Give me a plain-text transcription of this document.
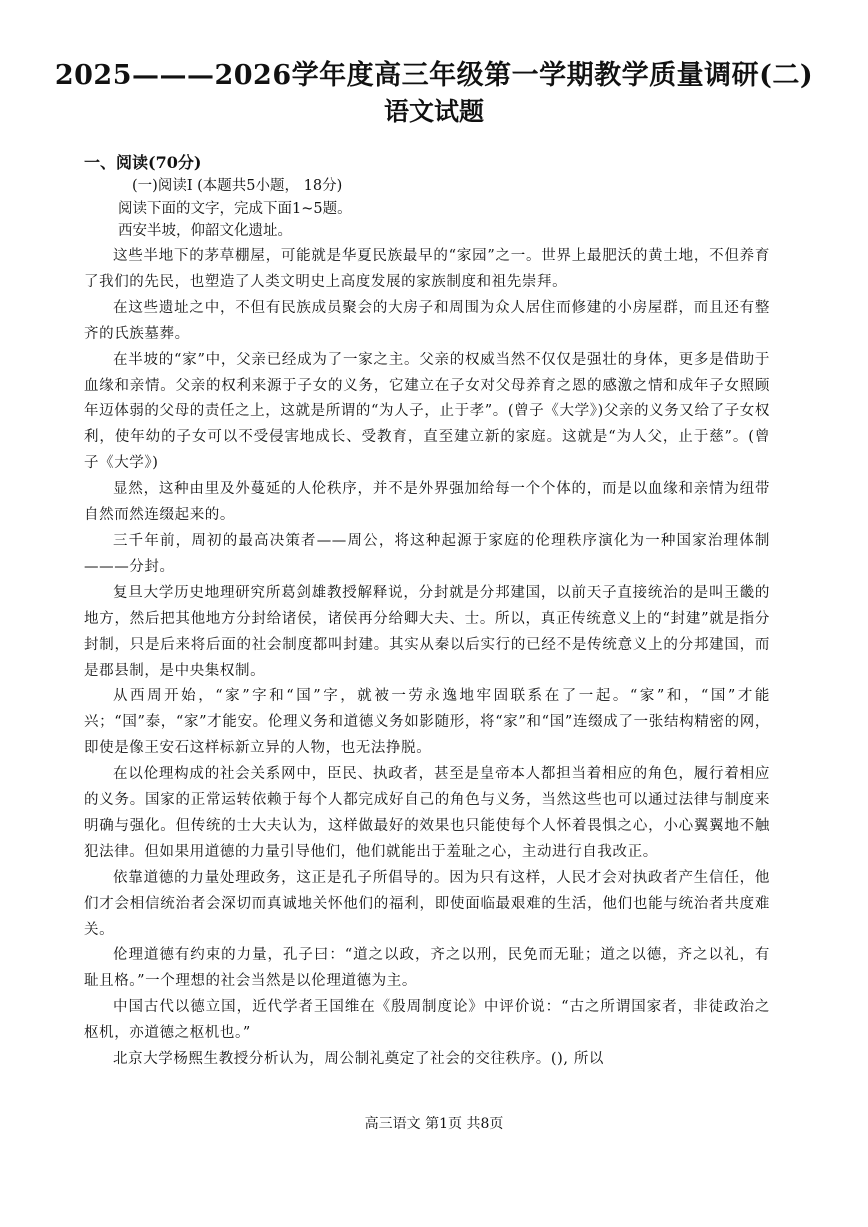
2025———2026学年度高三年级第一学期教学质量调研(二)
语文试题
一、阅读(70分)
(一)阅读Ⅰ (本题共5小题， 18分)
阅读下面的文字，完成下面1~5题。
西安半坡，仰韶文化遗址。

这些半地下的茅草棚屋，可能就是华夏民族最早的“家园”之一。世界上最肥沃的黄土地，不但养育了我们的先民，也塑造了人类文明史上高度发展的家族制度和祖先崇拜。

在这些遗址之中，不但有民族成员聚会的大房子和周围为众人居住而修建的小房屋群，而且还有整齐的氏族墓葬。

在半坡的“家”中，父亲已经成为了一家之主。父亲的权威当然不仅仅是强壮的身体，更多是借助于血缘和亲情。父亲的权利来源于子女的义务，它建立在子女对父母养育之恩的感激之情和成年子女照顾年迈体弱的父母的责任之上，这就是所谓的“为人子，止于孝”。(曾子《大学》)父亲的义务又给了子女权利，使年幼的子女可以不受侵害地成长、受教育，直至建立新的家庭。这就是“为人父，止于慈”。(曾子《大学》)

显然，这种由里及外蔓延的人伦秩序，并不是外界强加给每一个个体的，而是以血缘和亲情为纽带自然而然连缀起来的。

三千年前，周初的最高决策者——周公，将这种起源于家庭的伦理秩序演化为一种国家治理体制———分封。

复旦大学历史地理研究所葛剑雄教授解释说，分封就是分邦建国，以前天子直接统治的是叫王畿的地方，然后把其他地方分封给诸侯，诸侯再分给卿大夫、士。所以，真正传统意义上的“封建”就是指分封制，只是后来将后面的社会制度都叫封建。其实从秦以后实行的已经不是传统意义上的分邦建国，而是郡县制，是中央集权制。

从西周开始，“家”字和“国”字，就被一劳永逸地牢固联系在了一起。“家”和，“国”才能兴；“国”泰，“家”才能安。伦理义务和道德义务如影随形，将“家”和“国”连缀成了一张结构精密的网，即使是像王安石这样标新立异的人物，也无法挣脱。

在以伦理构成的社会关系网中，臣民、执政者，甚至是皇帝本人都担当着相应的角色，履行着相应的义务。国家的正常运转依赖于每个人都完成好自己的角色与义务，当然这些也可以通过法律与制度来明确与强化。但传统的士大夫认为，这样做最好的效果也只能使每个人怀着畏惧之心，小心翼翼地不触犯法律。但如果用道德的力量引导他们，他们就能出于羞耻之心，主动进行自我改正。

依靠道德的力量处理政务，这正是孔子所倡导的。因为只有这样，人民才会对执政者产生信任，他们才会相信统治者会深切而真诚地关怀他们的福利，即使面临最艰难的生活，他们也能与统治者共度难关。

伦理道德有约束的力量，孔子曰：“道之以政，齐之以刑，民免而无耻；道之以德，齐之以礼，有耻且格。”一个理想的社会当然是以伦理道德为主。

中国古代以德立国，近代学者王国维在《殷周制度论》中评价说：“古之所谓国家者，非徒政治之枢机，亦道德之枢机也。”

北京大学杨熙生教授分析认为，周公制礼奠定了社会的交往秩序。(), 所以

高三语文 第1页 共8页
